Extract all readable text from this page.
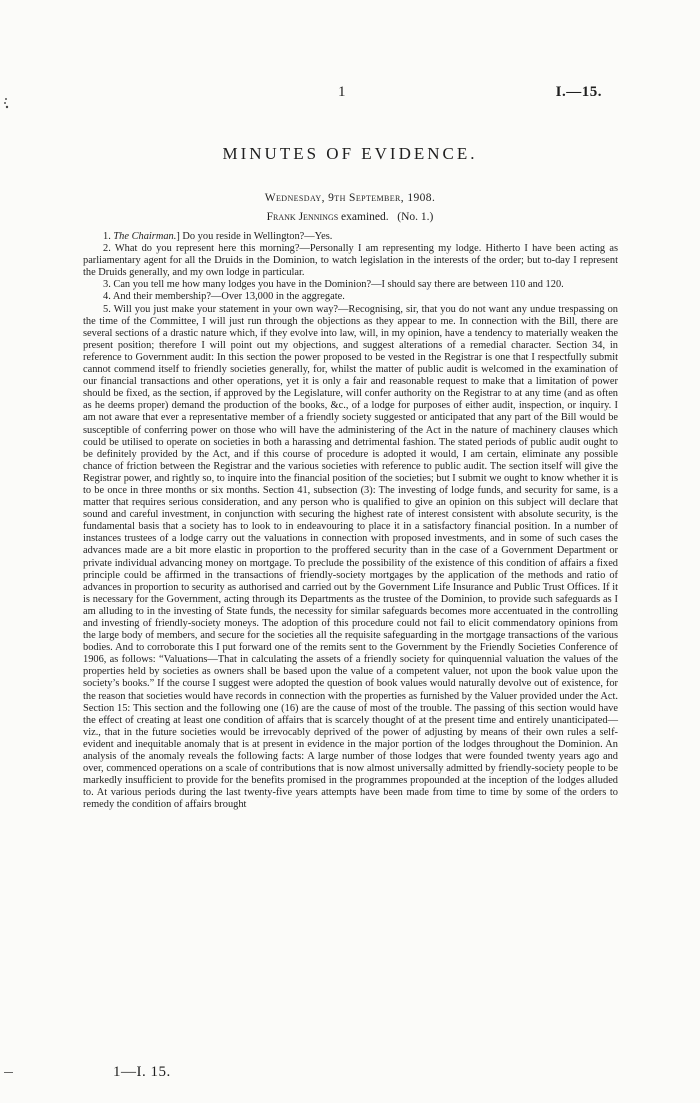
1	I.—15.
MINUTES OF EVIDENCE.
Wednesday, 9th September, 1908.
Frank Jennings examined. (No. 1.)

1. The Chairman.] Do you reside in Wellington?—Yes.

2. What do you represent here this morning?—Personally I am representing my lodge. Hitherto I have been acting as parliamentary agent for all the Druids in the Dominion, to watch legislation in the interests of the order; but to-day I represent the Druids generally, and my own lodge in particular.

3. Can you tell me how many lodges you have in the Dominion?—I should say there are between 110 and 120.

4. And their membership?—Over 13,000 in the aggregate.

5. Will you just make your statement in your own way?—Recognising, sir, that you do not want any undue trespassing on the time of the Committee, I will just run through the objections as they appear to me. In connection with the Bill, there are several sections of a drastic nature which, if they evolve into law, will, in my opinion, have a tendency to materially weaken the present position; therefore I will point out my objections, and suggest alterations of a remedial character. Section 34, in reference to Government audit: In this section the power proposed to be vested in the Registrar is one that I respectfully submit cannot commend itself to friendly societies generally, for, whilst the matter of public audit is welcomed in the examination of our financial transactions and other operations, yet it is only a fair and reasonable request to make that a limitation of power should be fixed, as the section, if approved by the Legislature, will confer authority on the Registrar to at any time (and as often as he deems proper) demand the production of the books, &c., of a lodge for purposes of either audit, inspection, or inquiry. I am not aware that ever a representative member of a friendly society suggested or anticipated that any part of the Bill would be susceptible of conferring power on those who will have the administering of the Act in the nature of machinery clauses which could be utilised to operate on societies in both a harassing and detrimental fashion. The stated periods of public audit ought to be definitely provided by the Act, and if this course of procedure is adopted it would, I am certain, eliminate any possible chance of friction between the Registrar and the various societies with reference to public audit. The section itself will give the Registrar power, and rightly so, to inquire into the financial position of the societies; but I submit we ought to know whether it is to be once in three months or six months. Section 41, subsection (3): The investing of lodge funds, and security for same, is a matter that requires serious consideration, and any person who is qualified to give an opinion on this subject will declare that sound and careful investment, in conjunction with securing the highest rate of interest consistent with absolute security, is the fundamental basis that a society has to look to in endeavouring to place it in a satisfactory financial position. In a number of instances trustees of a lodge carry out the valuations in connection with proposed investments, and in some of such cases the advances made are a bit more elastic in proportion to the proffered security than in the case of a Government Department or private individual advancing money on mortgage. To preclude the possibility of the existence of this condition of affairs a fixed principle could be affirmed in the transactions of friendly-society mortgages by the application of the methods and ratio of advances in proportion to security as authorised and carried out by the Government Life Insurance and Public Trust Offices. If it is necessary for the Government, acting through its Departments as the trustee of the Dominion, to provide such safeguards as I am alluding to in the investing of State funds, the necessity for similar safeguards becomes more accentuated in the controlling and investing of friendly-society moneys. The adoption of this procedure could not fail to elicit commendatory opinions from the large body of members, and secure for the societies all the requisite safeguarding in the mortgage transactions of the various bodies. And to corroborate this I put forward one of the remits sent to the Government by the Friendly Societies Conference of 1906, as follows: “Valuations—That in calculating the assets of a friendly society for quinquennial valuation the values of the properties held by societies as owners shall be based upon the value of a competent valuer, not upon the book value upon the society’s books.” If the course I suggest were adopted the question of book values would naturally devolve out of existence, for the reason that societies would have records in connection with the properties as furnished by the Valuer provided under the Act. Section 15: This section and the following one (16) are the cause of most of the trouble. The passing of this section would have the effect of creating at least one condition of affairs that is scarcely thought of at the present time and entirely unanticipated—viz., that in the future societies would be irrevocably deprived of the power of adjusting by means of their own rules a self-evident and inequitable anomaly that is at present in evidence in the major portion of the lodges throughout the Dominion. An analysis of the anomaly reveals the following facts: A large number of those lodges that were founded twenty years ago and over, commenced operations on a scale of contributions that is now almost universally admitted by friendly-society people to be markedly insufficient to provide for the benefits promised in the programmes propounded at the inception of the lodges alluded to. At various periods during the last twenty-five years attempts have been made from time to time by some of the orders to remedy the condition of affairs brought

1—I. 15.
